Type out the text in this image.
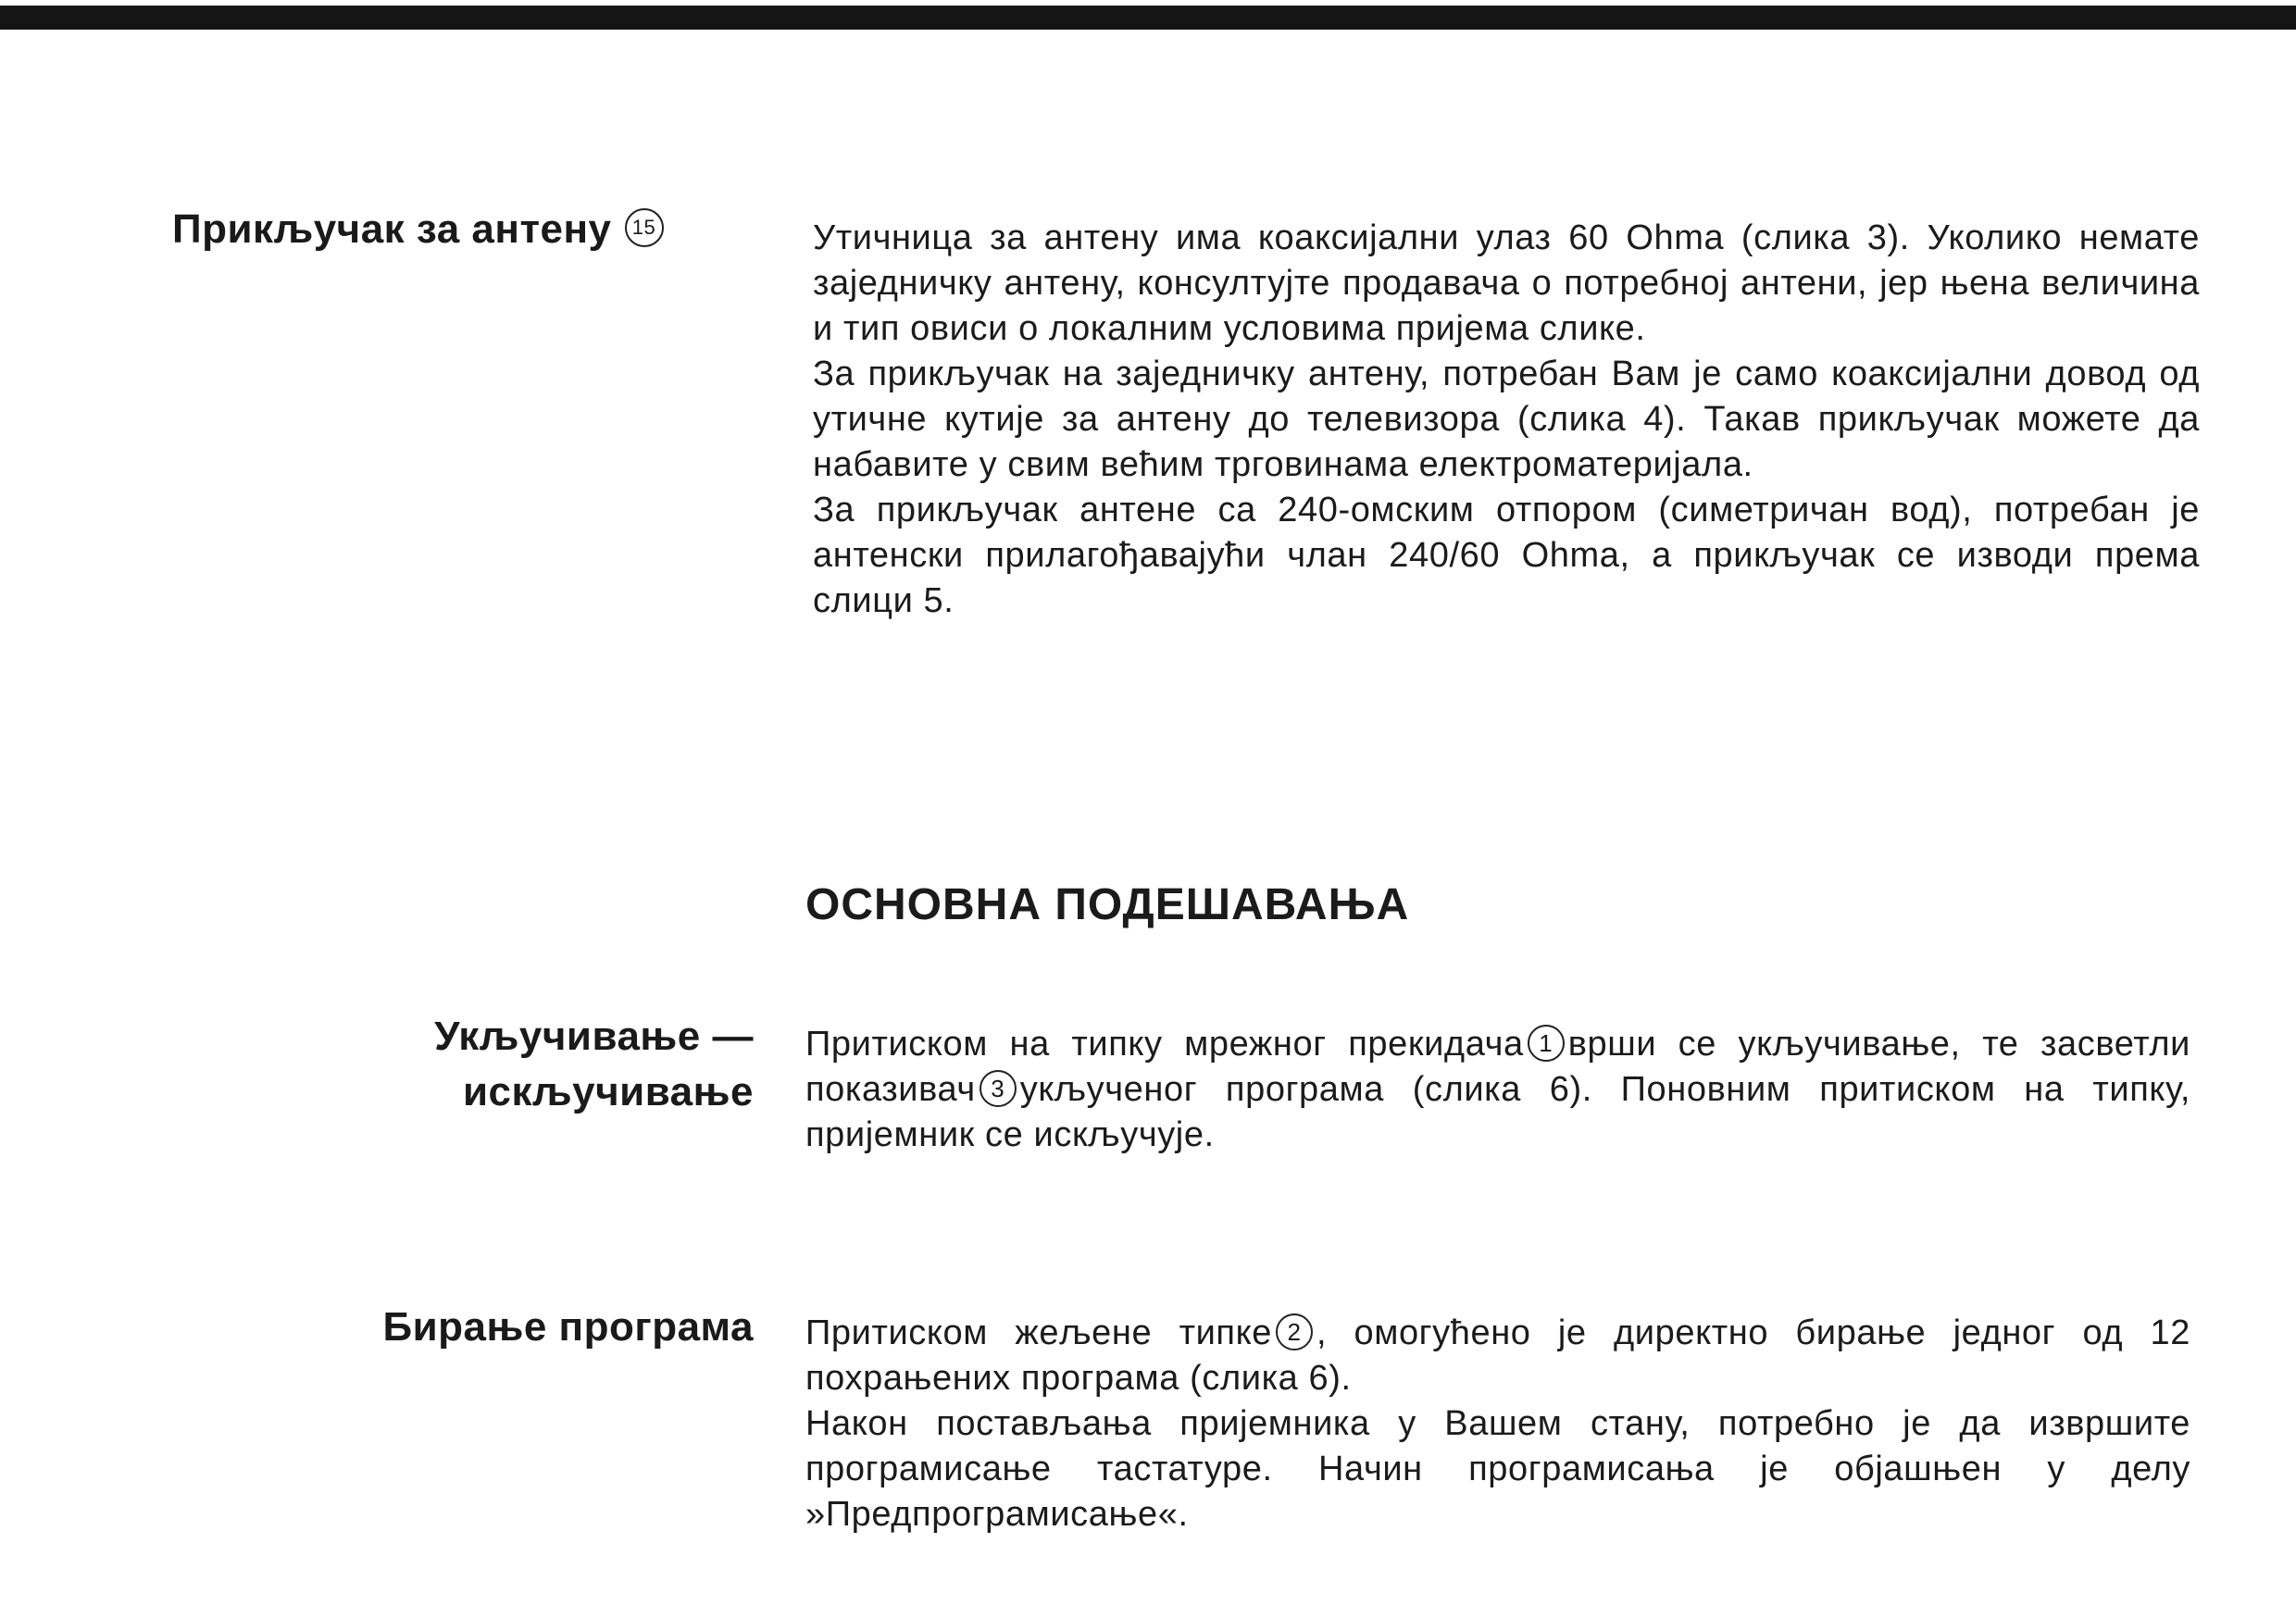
Прикључак за антену 15	Утичница за антену има коаксијални улаз 60 Ohma (слика 3). Уколико немате заједничку антену, консултујте продавача о потребној антени, јер њена величина и тип овиси о локалним условима пријема слике.

За прикључак на заједничку антену, потребан Вам је само коаксијални довод од утичне кутије за антену до телевизора (слика 4). Такав прикључак можете да набавите у свим већим трговинама електроматеријала.

За прикључак антене са 240-омским отпором (симетричан вод), потребан је антенски прилагођавајући члан 240/60 Ohma, а прикључак се изводи према слици 5.

ОСНОВНА ПОДЕШАВАЊА
Укључивање —
искључивање

Притиском на типку мрежног прекидача 1 врши се укључивање, те засветли показивач 3 укљученог програма (слика 6). Поновним притиском на типку, пријемник се искључује.

Бирање програма Притиском жељене типке 2 , омогућено је директно бирање једног од 12 похрањених програма (слика 6).

Након постављања пријемника у Вашем стану, потребно је да извршите програмисање тастатуре. Начин програмисања је објашњен у делу »Предпрограмисање«.
